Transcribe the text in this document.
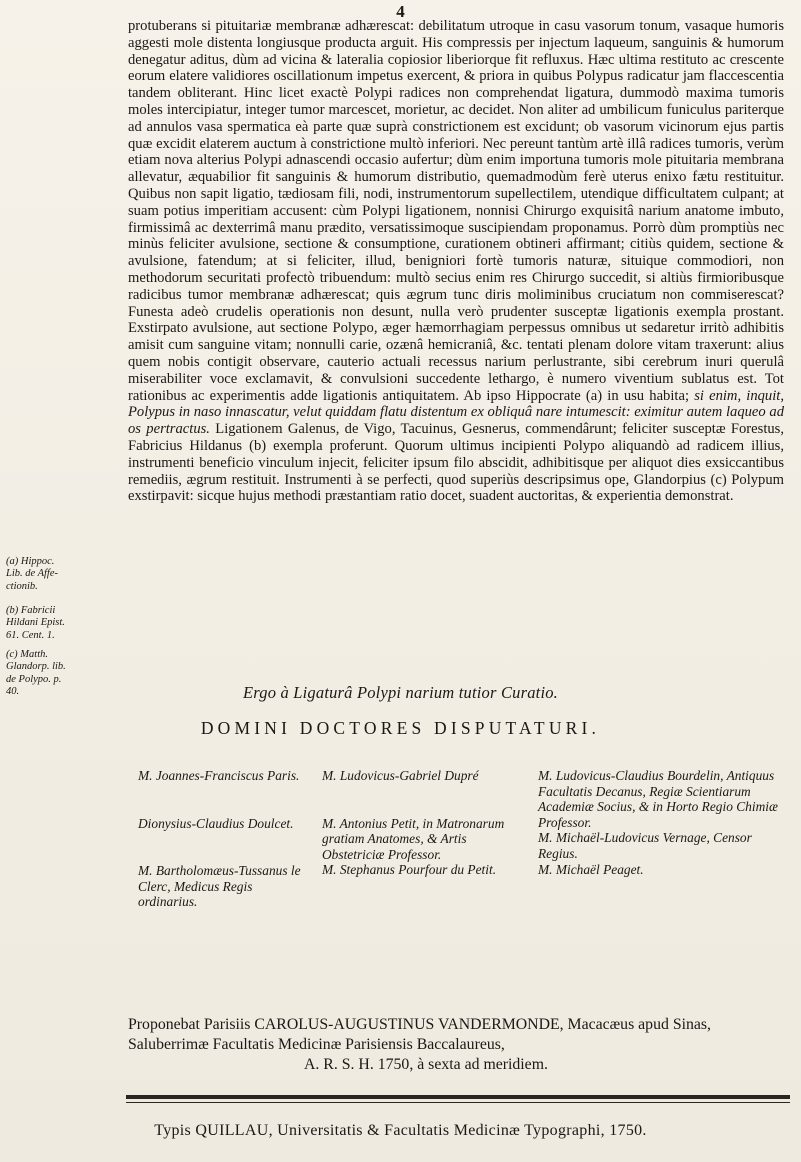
4

protuberans si pituitariæ membranæ adhærescat: debilitatum utroque in casu vasorum tonum, vasaque humoris aggesti mole distenta longiusque producta arguit. His compressis per injectum laqueum, sanguinis & humorum denegatur aditus, dùm ad vicina & lateralia copiosior liberiorque fit refluxus. Hæc ultima restituto ac crescente eorum elatere validiores oscillationum impetus exercent, & priora in quibus Polypus radicatur jam flaccescentia tandem obliterant. Hinc licet exactè Polypi radices non comprehendat ligatura, dummodò maxima tumoris moles intercipiatur, integer tumor marcescet, morietur, ac decidet. Non aliter ad umbilicum funiculus pariterque ad annulos vasa spermatica eà parte quæ suprà constrictionem est excidunt; ob vasorum vicinorum ejus partis quæ excidit elaterem auctum à constrictione multò inferiori. Nec pereunt tantùm artè illâ radices tumoris, verùm etiam nova alterius Polypi adnascendi occasio aufertur; dùm enim importuna tumoris mole pituitaria membrana allevatur, æquabilior fit sanguinis & humorum distributio, quemadmodùm ferè uterus enixo fætu restituitur. Quibus non sapit ligatio, tædiosam fili, nodi, instrumentorum supellectilem, utendique difficultatem culpant; at suam potius imperitiam accusent: cùm Polypi ligationem, nonnisi Chirurgo exquisitâ narium anatome imbuto, firmissimâ ac dexterrimâ manu prædito, versatissimoque suscipiendam proponamus. Porrò dùm promptiùs nec minùs feliciter avulsione, sectione & consumptione, curationem obtineri affirmant; citiùs quidem, sectione & avulsione, fatendum; at si feliciter, illud, benigniori fortè tumoris naturæ, situique commodiori, non methodorum securitati profectò tribuendum: multò secius enim res Chirurgo succedit, si altiùs firmioribusque radicibus tumor membranæ adhærescat; quis ægrum tunc diris moliminibus cruciatum non commiserescat? Funesta adeò crudelis operationis non desunt, nulla verò prudenter susceptæ ligationis exempla prostant. Exstirpato avulsione, aut sectione Polypo, æger hæmorrhagiam perpessus omnibus ut sedaretur irritò adhibitis amisit cum sanguine vitam; nonnulli carie, ozænâ hemicraniâ, &c. tentati plenam dolore vitam traxerunt: alius quem nobis contigit observare, cauterio actuali recessus narium perlustrante, sibi cerebrum inuri querulâ miserabiliter voce exclamavit, & convulsioni succedente lethargo, è numero viventium sublatus est. Tot rationibus ac experimentis adde ligationis antiquitatem. Ab ipso Hippocrate (a) in usu habita; si enim, inquit, Polypus in naso innascatur, velut quiddam flatu distentum ex obliquâ nare intumescit: eximitur autem laqueo ad os pertractus. Ligationem Galenus, de Vigo, Tacuinus, Gesnerus, commendârunt; feliciter susceptæ Forestus, Fabricius Hildanus (b) exempla proferunt. Quorum ultimus incipienti Polypo aliquandò ad radicem illius, instrumenti beneficio vinculum injecit, feliciter ipsum filo abscidit, adhibitisque per aliquot dies exsiccantibus remediis, ægrum restituit. Instrumenti à se perfecti, quod superiùs descripsimus ope, Glandorpius (c) Polypum exstirpavit: sicque hujus methodi præstantiam ratio docet, suadent auctoritas, & experientia demonstrat.

(a) Hippoc.
Lib. de Affe-
ctionib.
(b) Fabricii
Hildani Epist.
61. Cent. 1.
(c) Matth.
Glandorp. lib.
de Polypo. p.
40.	Ergo à Ligaturâ Polypi narium tutior Curatio.
DOMINI DOCTORES DISPUTATURI.
M. Joannes-Franciscus Paris.
Dionysius-Claudius Doulcet.
M. Bartholomæus-Tussanus le Clerc, Medicus Regis ordinarius.
M. Ludovicus-Gabriel Dupré
M. Antonius Petit, in Matronarum gratiam Anatomes, & Artis Obstetriciæ Professor.
M. Stephanus Pourfour du Petit.
M. Ludovicus-Claudius Bourdelin, Antiquus Facultatis Decanus, Regiæ Scientiarum Academiæ Socius, & in Horto Regio Chimiæ Professor.
M. Michaël-Ludovicus Vernage, Censor Regius.
M. Michaël Peaget.
Proponebat Parisiis CAROLUS-AUGUSTINUS VANDERMONDE, Macacæus apud Sinas, Saluberrimæ Facultatis Medicinæ Parisiensis Baccalaureus,
A. R. S. H. 1750, à sexta ad meridiem.
Typis QUILLAU, Universitatis & Facultatis Medicinæ Typographi, 1750.
